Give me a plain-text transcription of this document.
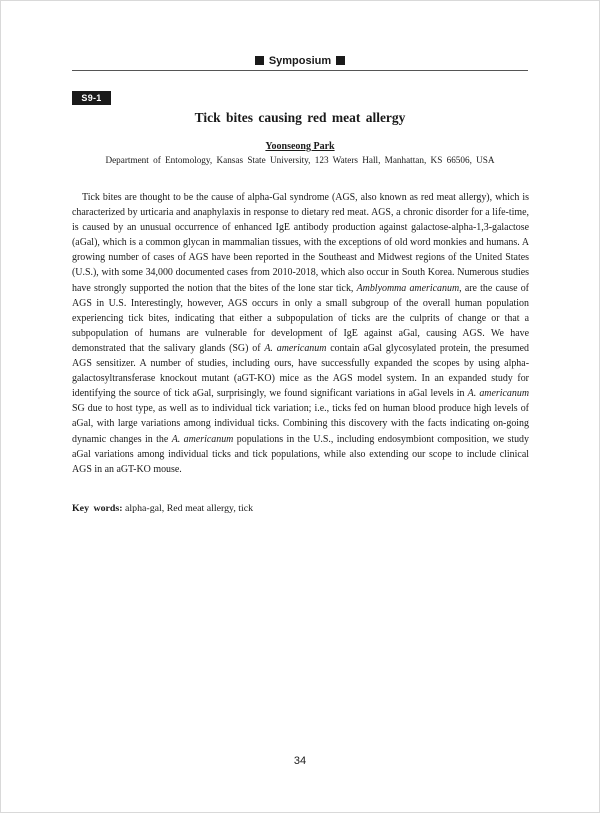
Symposium
S9-1
Tick bites causing red meat allergy
Yoonseong Park
Department of Entomology, Kansas State University, 123 Waters Hall, Manhattan, KS 66506, USA

Tick bites are thought to be the cause of alpha-Gal syndrome (AGS, also known as red meat allergy), which is characterized by urticaria and anaphylaxis in response to dietary red meat. AGS, a chronic disorder for a life-time, is caused by an unusual occurrence of enhanced IgE antibody production against galactose-alpha-1,3-galactose (aGal), which is a common glycan in mammalian tissues, with the exceptions of old word monkies and humans. A growing number of cases of AGS have been reported in the Southeast and Midwest regions of the United States (U.S.), with some 34,000 documented cases from 2010-2018, which also occur in South Korea. Numerous studies have strongly supported the notion that the bites of the lone star tick, Amblyomma americanum, are the cause of AGS in U.S. Interestingly, however, AGS occurs in only a small subgroup of the overall human population experiencing tick bites, indicating that either a subpopulation of ticks are the culprits of change or that a subpopulation of humans are vulnerable for development of IgE against aGal, causing AGS. We have demonstrated that the salivary glands (SG) of A. americanum contain aGal glycosylated protein, the presumed AGS sensitizer. A number of studies, including ours, have successfully expanded the scopes by using alpha-galactosyltransferase knockout mutant (aGT-KO) mice as the AGS model system. In an expanded study for identifying the source of tick aGal, surprisingly, we found significant variations in aGal levels in A. americanum SG due to host type, as well as to individual tick variation; i.e., ticks fed on human blood produce high levels of aGal, with large variations among individual ticks. Combining this discovery with the facts indicating on-going dynamic changes in the A. americanum populations in the U.S., including endosymbiont composition, we study aGal variations among individual ticks and tick populations, while also extending our scope to include clinical AGS in an aGT-KO mouse.

Key words: alpha-gal, Red meat allergy, tick
34
